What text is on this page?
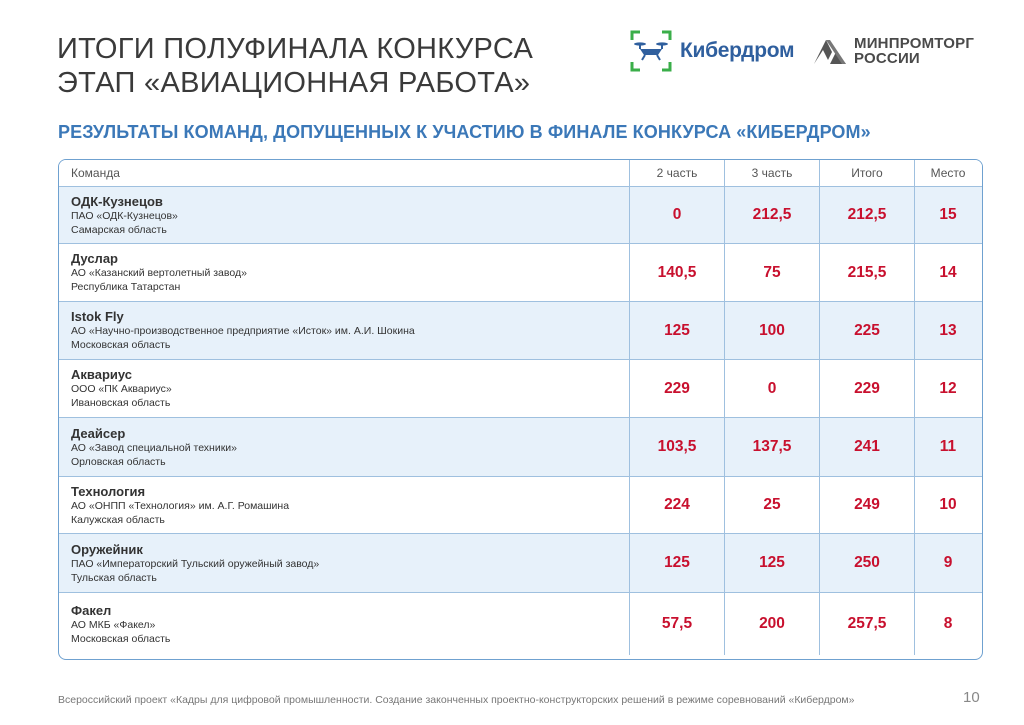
ИТОГИ ПОЛУФИНАЛА КОНКУРСА
ЭТАП «АВИАЦИОННАЯ РАБОТА»
Кибердром	МИНПРОМТОРГ
РОССИИ
РЕЗУЛЬТАТЫ КОМАНД, ДОПУЩЕННЫХ К УЧАСТИЮ В ФИНАЛЕ КОНКУРСА «КИБЕРДРОМ»
Команда	2 часть	3 часть	Итого	Место
ОДК-Кузнецов
ПАО «ОДК-Кузнецов»
Самарская область
0	212,5	212,5	15
Дуслар
АО «Казанский вертолетный завод»
Республика Татарстан
140,5	75	215,5	14
Istok Fly
АО «Научно-производственное предприятие «Исток» им. А.И. Шокина
Московская область
125	100	225	13
Аквариус
ООО «ПК Аквариус»
Ивановская область
229	0	229	12
Деайсер
АО «Завод специальной техники»
Орловская область
103,5	137,5	241	11
Технология
АО «ОНПП «Технология» им. А.Г. Ромашина
Калужская область
224	25	249	10
Оружейник
ПАО «Императорский Тульский оружейный завод»
Тульская область
125	125	250	9
Факел
АО МКБ «Факел»
Московская область
57,5	200	257,5	8
Всероссийский проект «Кадры для цифровой промышленности. Создание законченных проектно-конструкторских решений в режиме соревнований «Кибердром»	10
